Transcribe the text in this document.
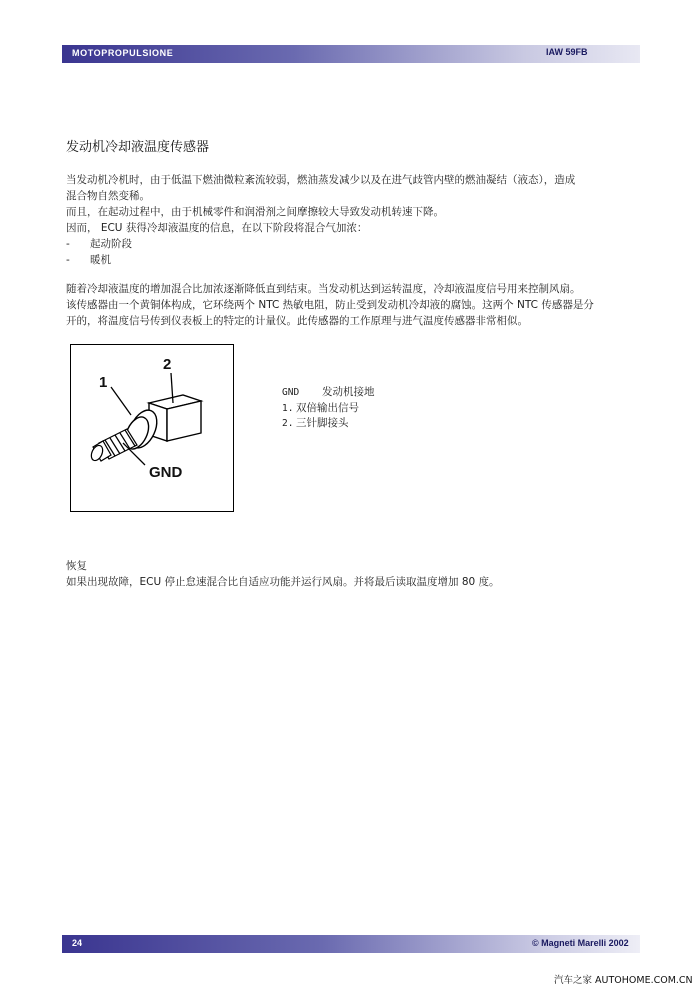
MOTOPROPULSIONE	IAW 59FB
发动机冷却液温度传感器
当发动机冷机时，由于低温下燃油微粒紊流较弱，燃油蒸发减少以及在进气歧管内壁的燃油凝结（液态），造成
混合物自然变稀。
而且，在起动过程中，由于机械零件和润滑剂之间摩擦较大导致发动机转速下降。
因而， ECU 获得冷却液温度的信息，在以下阶段将混合气加浓：
- 起动阶段
- 暖机
随着冷却液温度的增加混合比加浓逐渐降低直到结束。当发动机达到运转温度，冷却液温度信号用来控制风扇。
该传感器由一个黄铜体构成，它环绕两个 NTC 热敏电阻，防止受到发动机冷却液的腐蚀。这两个 NTC 传感器是分
开的，将温度信号传到仪表板上的特定的计量仪。此传感器的工作原理与进气温度传感器非常相似。
1
2
GND
GND 发动机接地
1. 双倍输出信号
2. 三针脚接头
恢复
如果出现故障，ECU 停止怠速混合比自适应功能并运行风扇。并将最后读取温度增加 80 度。
24	© Magneti Marelli 2002
汽车之家 AUTOHOME.COM.CN
